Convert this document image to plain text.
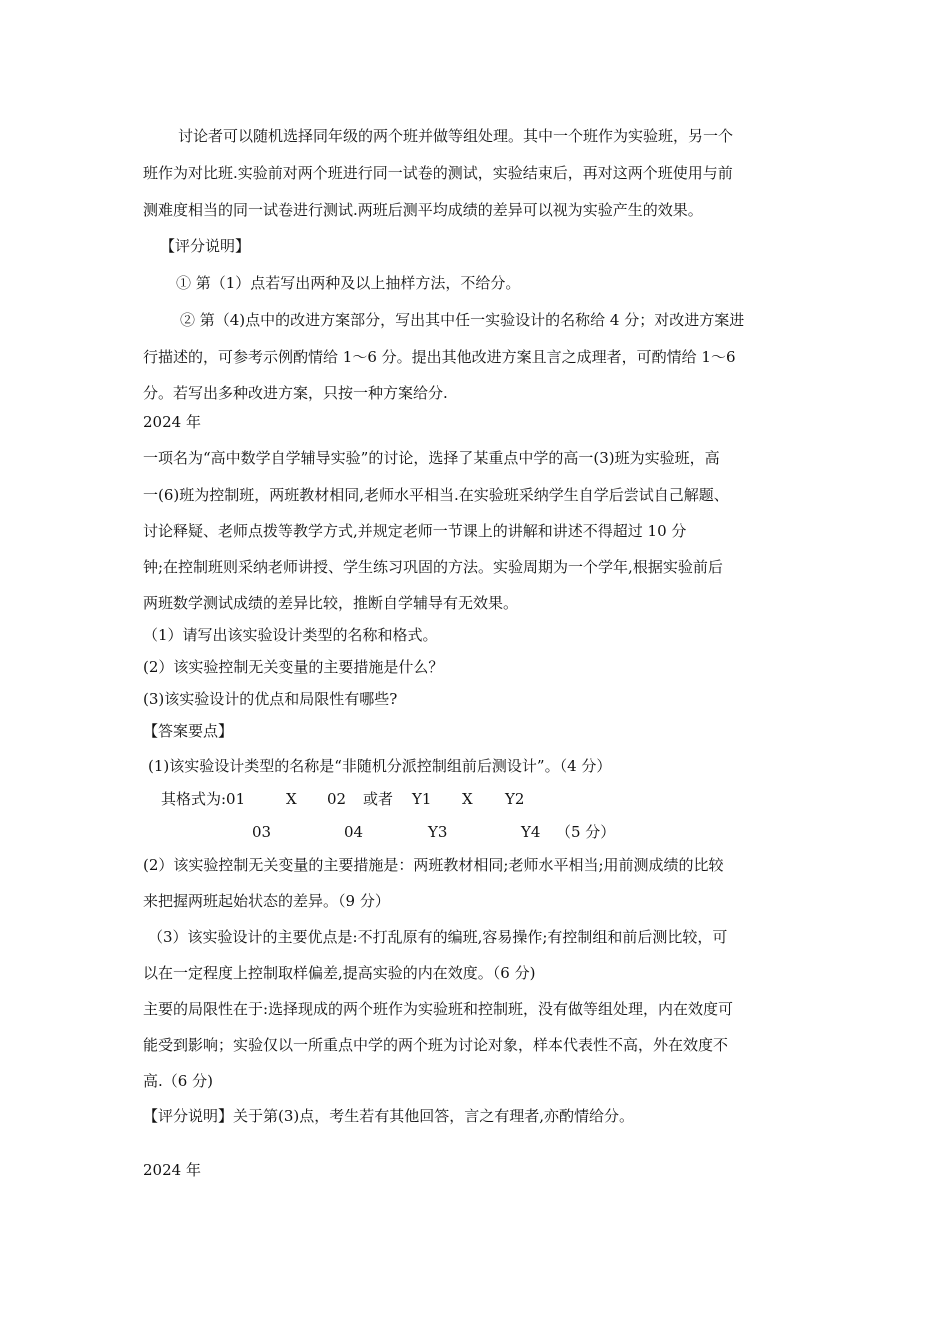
讨论者可以随机选择同年级的两个班并做等组处理。其中一个班作为实验班，另一个
班作为对比班.实验前对两个班进行同一试卷的测试，实验结束后，再对这两个班使用与前
测难度相当的同一试卷进行测试.两班后测平均成绩的差异可以视为实验产生的效果。
【评分说明】
① 第（1）点若写出两种及以上抽样方法，不给分。
② 第（4)点中的改进方案部分，写出其中任一实验设计的名称给 4 分；对改进方案进
行描述的，可参考示例酌情给 1～6 分。提出其他改进方案且言之成理者，可酌情给 1～6
分。若写出多种改进方案，只按一种方案给分.
2024 年
一项名为“高中数学自学辅导实验”的讨论，选择了某重点中学的高一(3)班为实验班，高
一(6)班为控制班，两班教材相同,老师水平相当.在实验班采纳学生自学后尝试自己解题、
讨论释疑、老师点拨等教学方式,并规定老师一节课上的讲解和讲述不得超过 10 分
钟;在控制班则采纳老师讲授、学生练习巩固的方法。实验周期为一个学年,根据实验前后
两班数学测试成绩的差异比较，推断自学辅导有无效果。
（1）请写出该实验设计类型的名称和格式。
(2）该实验控制无关变量的主要措施是什么？
(3)该实验设计的优点和局限性有哪些?
【答案要点】
(1)该实验设计类型的名称是“非随机分派控制组前后测设计”。（4 分）
其格式为:01	X 02 或者 Y1 X Y2
03	04	Y3	Y4 （5 分）
(2）该实验控制无关变量的主要措施是：两班教材相同;老师水平相当;用前测成绩的比较
来把握两班起始状态的差异。（9 分）
（3）该实验设计的主要优点是:不打乱原有的编班,容易操作;有控制组和前后测比较，可
以在一定程度上控制取样偏差,提高实验的内在效度。（6 分)
主要的局限性在于:选择现成的两个班作为实验班和控制班，没有做等组处理，内在效度可
能受到影响；实验仅以一所重点中学的两个班为讨论对象，样本代表性不高，外在效度不
高.（6 分)
【评分说明】关于第(3)点，考生若有其他回答，言之有理者,亦酌情给分。
2024 年
